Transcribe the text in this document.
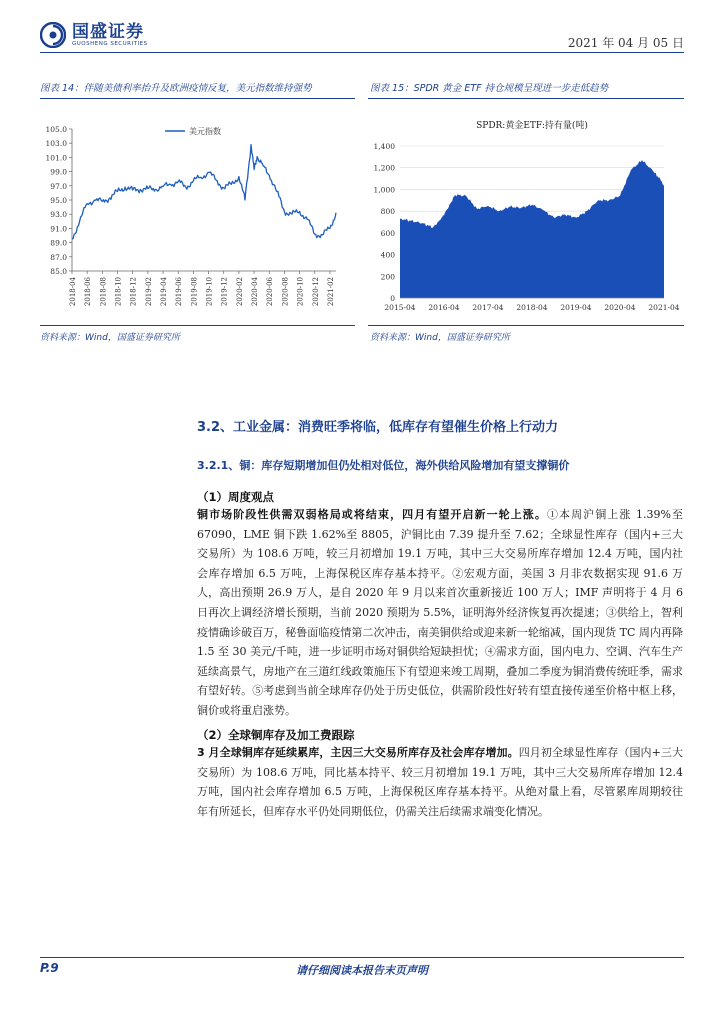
国盛证券
GUOSHENG SECURITIES	2021 年 04 月 05 日
图表 14：伴随美债利率抬升及欧洲疫情反复，美元指数维持强势	图表 15：SPDR 黄金 ETF 持仓规模呈现进一步走低趋势
85.0
87.0
89.0
91.0
93.0
95.0
97.0
99.0
101.0
103.0
105.0
2018-04 2018-06 2018-08 2018-10 2018-12 2019-02 2019-04 2019-06 2019-08 2019-10 2019-12 2020-02 2020-04 2020-06 2020-08 2020-10 2020-12 2021-02
美元指数
SPDR:黄金ETF:持有量(吨)
0
200
400
600
800
1,000
1,200
1,400
2015-04 2016-04 2017-04 2018-04 2019-04 2020-04 2021-04
资料来源：Wind，国盛证券研究所	资料来源：Wind，国盛证券研究所
3.2、工业金属：消费旺季将临，低库存有望催生价格上行动力
3.2.1、铜：库存短期增加但仍处相对低位，海外供给风险增加有望支撑铜价
（1）周度观点
铜市场阶段性供需双弱格局或将结束，四月有望开启新一轮上涨。①本周沪铜上涨 1.39%至 67090，LME 铜下跌 1.62%至 8805，沪铜比由 7.39 提升至 7.62；全球显性库存（国内+三大交易所）为 108.6 万吨，较三月初增加 19.1 万吨，其中三大交易所库存增加 12.4 万吨，国内社会库存增加 6.5 万吨，上海保税区库存基本持平。②宏观方面，美国 3 月非农数据实现 91.6 万人，高出预期 26.9 万人，是自 2020 年 9 月以来首次重新接近 100 万人；IMF 声明将于 4 月 6 日再次上调经济增长预期，当前 2020 预期为 5.5%，证明海外经济恢复再次提速；③供给上，智利疫情确诊破百万，秘鲁面临疫情第二次冲击，南美铜供给或迎来新一轮缩减，国内现货 TC 周内再降 1.5 至 30 美元/千吨，进一步证明市场对铜供给短缺担忧；④需求方面，国内电力、空调、汽车生产延续高景气，房地产在三道红线政策施压下有望迎来竣工周期，叠加二季度为铜消费传统旺季，需求有望好转。⑤考虑到当前全球库存仍处于历史低位，供需阶段性好转有望直接传递至价格中枢上移，铜价或将重启涨势。
（2）全球铜库存及加工费跟踪
3 月全球铜库存延续累库，主因三大交易所库存及社会库存增加。四月初全球显性库存（国内+三大交易所）为 108.6 万吨，同比基本持平、较三月初增加 19.1 万吨，其中三大交易所库存增加 12.4 万吨，国内社会库存增加 6.5 万吨，上海保税区库存基本持平。从绝对量上看，尽管累库周期较往年有所延长，但库存水平仍处同期低位，仍需关注后续需求端变化情况。
P.9	请仔细阅读本报告末页声明
